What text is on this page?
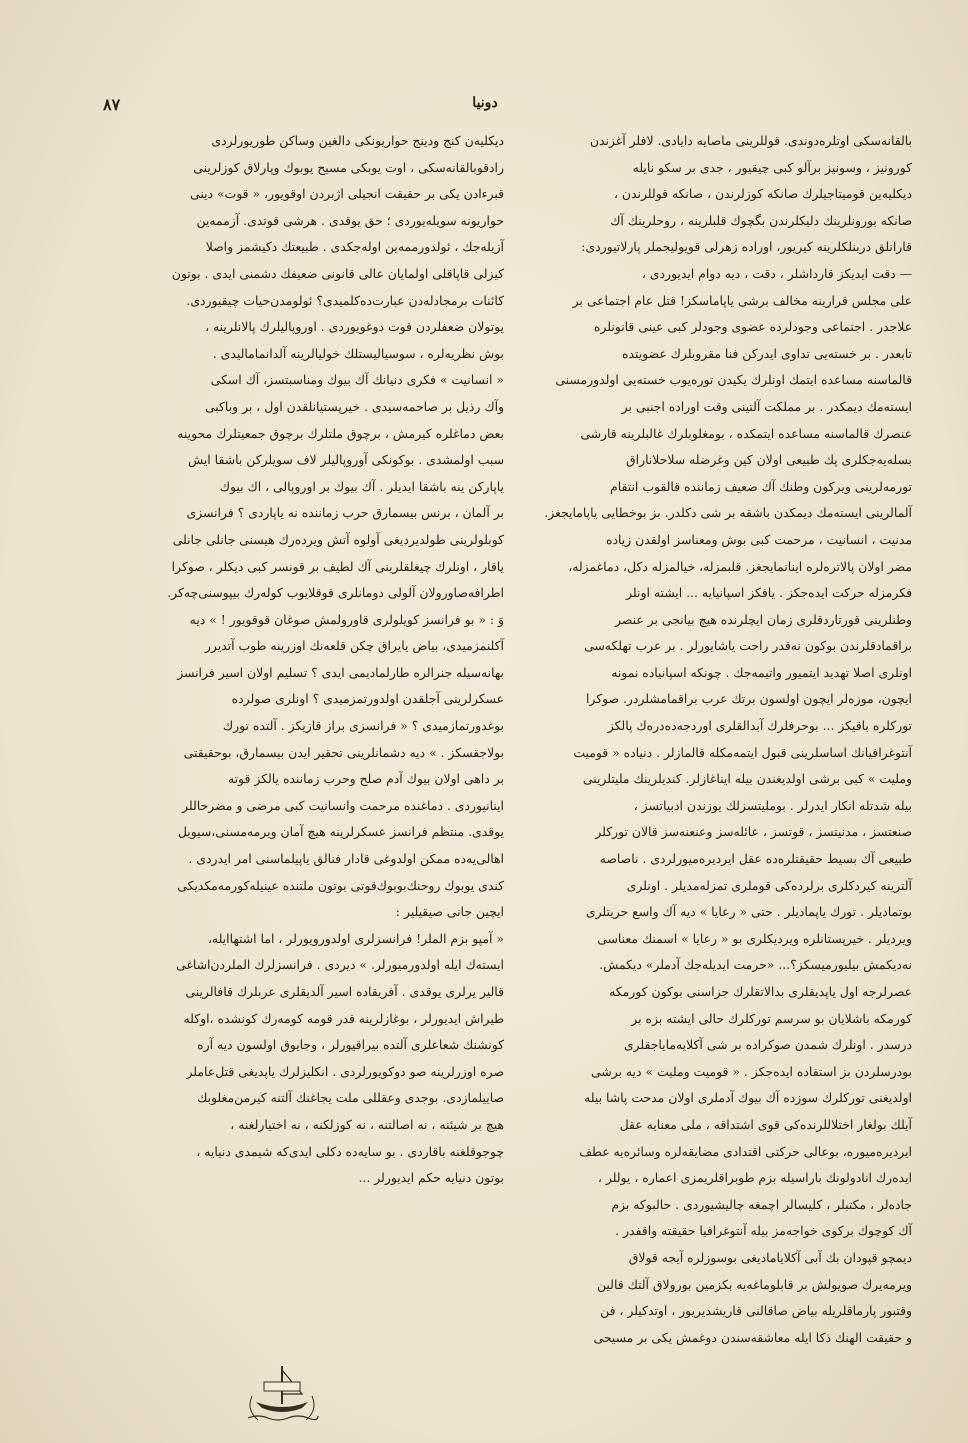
۸۷	دونیا

بالقانه‌سکی اوتلره‌دوندی. قوللرینی ماصایه دایادی. لافلر آغزندن

کورونیز ، وسونیز برآلو کبی چیقیور ، جدی بر سکو نایله

دیکلیه‌ین قومیتاجیلرك صانکه کوزلرندن ، صانکه قوللرندن ،

صانکه بورونلرینك دلیکلرندن بگچوك قلبلرینه ، روحلرینك آك

قارانلق دربنلکلرینه کیریور، اوراده زهرلی قویولیجملر پارلاتیوردی:

— دقت ایدیکز قارداشلر ، دقت ، دیه دوام ایدیوردی ،

علی مجلس قرارینه مخالف برشی یاپاماسکز! قتل عام اجتماعی بر

علاجدر . اجتماعی وجودلرده عضوی وجودلر کبی عینی قانونلره

تابعدر . بر خسته‌یی تداوی ایدرکن فنا مقروبلرك عضویتده

قالماسنه مساعده ایتمك اونلرك یکیدن توره‌یوب خسته‌یی اولدورمسنی

ایسته‌مك دیمکدر . بر مملکت آلتینی وقت اوراده اجنبی بر

عنصرك قالماسنه مساعده ایتمکده ، بومغلوبلرك غالبلرینه قارشی

بسله‌یه‌جکلری پك طبیعی اولان کین وغرضله سلاحلاناراق

تورمه‌لرینی ویرکون وطنك آك ضعیف زماننده قالقوب انتقام

آلمالرینی ایسته‌مك دیمکدن باشقه بر شی دکلدر. بز بوخطایی یاپامایجغز.

مدنیت ، انسانیت ، مرحمت کبی بوش ومعناسز اولقدن زیاده

مضر اولان پالاتره‌لره اینانمایجغز. قلبمزله، خیالمزله دکل، دماغمزله،

فکرمزله حرکت ایده‌جکز . یافکز اسپانیایه ... ایشته اونلر

وطنلرینی قورتاردقلری زمان ایچلرنده هیچ بیانجی بر عنصر

براقمادقلرندن بوکون نه‌قدر راحت یاشایورلر . بر عرب تهلکه‌سی

اونلری اصلا تهدید ایتمیور واتیمه‌جك . چونکه اسپانیاده نمونه

ایچون، موزه‌لر ایچون اولسون برتك عرب براقمامشلردر. صوکرا

تورکلره باقیکز ... بوحرفلرك آبدالقلری اوردجه‌ده‌دره‌ك پالکز

آنتوغرافیانك اساسلرینی قبول ایتمه‌مکله قالمازلر . دنیاده « قومیت

وملیت » کبی برشی اولدیغندن بیله ایناغازلر. کندیلرینك ملیتلرینی

بیله شدتله انکار ایدرلر . بوملیتسزلك یوزندن ادبیاتسز ،

صنعتسز ، مدنیتسز ، قوتسز ، عائله‌سز وعنعنه‌سز قالان تورکلر

طبیعی آك بسیط حقیقتلره‌ده عقل ایردیره‌میورلردی . ناصاصه

آلترینه کیردکلری برلرده‌کی قوملری تمزله‌مدیلر . اونلری

بوتمادیلر . تورك یاپمادیلر . حتی « رعایا » دیه آك واسع حریتلری

ویردیلر . خیرپستانلره ویردیکلری بو « رعایا » اسمنك معناسی

نه‌دیکمش بیلیورمیسکز؟... «حرمت ایدیله‌جك آدملر» دیکمش.

عصرلرجه اول یاپدیقلری بدالاتقلرك جزاسنی بوکون کورمکه

کورمکه باشلایان بو سرسم تورکلرك حالی ایشته بزه بر

درسدر . اونلرك شمدن صوکراده بر شی آکلایه‌مایاجقلری

بودرسلردن بز استفاده ایده‌جکز . « قومیت وملیت » دیه برشی

اولدیغنی تورکلرك سوزده آك بیوك آدملری اولان مدحت پاشا بیله

آیلك بولغار اختلاللرنده‌کی قوی اشتداقه ، ملی معنایه عقل

ایردیره‌میوره، بوعالی حرکتی اقتدادی مضایقه‌لره وسائره‌یه عطف

ایده‌رك انادولونك باراسیله بزم طوبراقلریمزی اعماره ، یوللر ،

جاده‌لر ، مکتبلر ، کلیسالر اچمغه چالیشیوردی . حالبوکه بزم

آك کوچوك برکوی خواجه‌مز بیله آنتوغرافیا حقیقته واقفدر .

دیمچو قپودان بك آبی آکلایامادیغی بوسوزلره آیجه قولاق

ویرمه‌یرك صویولش بر قابلوماغه‌یه بکزمین بورولاق آلتك قالین

وقتبور پارماقلریله بیاض صاقالنی قاریشدیریور ، اوتدکیلر ، فن

و حقیقت الهنك ذکا ایله معاشقه‌سندن دوغمش یکی بر مسیحی

دیکلیه‌ن کنج ودینج حواریونکی دالغین وساکن طوریورلردی

رادقوبالقانه‌سکی ، اوت یوبکی مسیح یوبوك وپارلاق کوزلرینی

قبرءادن یکی بر حقیقت انجیلی اژبردن اوقویور، « قوت» دینی

حواریونه سویله‌یوردی ؛ حق یوقدی . هرشی قوتدی. آزممه‌ین

آزیله‌جك ، ئولدورممه‌ین اوله‌جکدی . طبیعتك دکیشمز واصلا

کیزلی قاپاقلی اولمایان عالی قانونی ضعیفك دشمنی ایدی . بوتون

کائنات برمجادله‌دن عبارت‌ده‌کلمیدی؟ ئولومدن‌حیات چیقیوردی.

یوتولان ضعفلردن قوت دوغویوردی . اوروپالیلرك پالانلرینه ،

بوش نظریه‌لره ، سوسیالیستلك خولیالرینه آلدانمامالیدی .

« انسانیت » فکری دنیانك آك بیوك ومناسبتسز، آك اسکی

وآك رذیل بر صاحمه‌سیدی . خیرپستیانلقدن اول ، بر وباکبی

بعض دماغلره کیرمش ، برچوق ملتلرك برچوق جمعیتلرك محوینه

سبب اولمشدی . بوکونکی آوروپالیلر لاف سویلرکن باشقا ایش

یاپارکن ینه باشقا ایدیلر . آك بیوك بر اوروپالی ، اك بیوك

بر آلمان ، برنس بیسمارق حرب زماننده نه یاپاردی ؟ فرانسزی

کوبلولرینی طولدیردیغی آولوه آتش ویرده‌رك هیسنی جانلی جانلی

یاقار ، اونلرك چیغلقلرینی آك لطیف بر قونسر کبی دیکلر ، صوکرا

اطرافه‌صاورولان آلولی دومانلری قوقلایوب کوله‌رك بیپوسنی‌چه‌کر.

وَ : « بو فرانسز کویلولری قاورولمش صوغان قوقویور ! » دیه

آکلنمزمیدی، بیاض یایراق چکن قلعه‌نك اوزرینه طوب آتدیرر

بهانه‌سیله جنرالره طارلمادیمی ایدی ؟ تسلیم اولان اسیر فرانسز

عسکرلرینی آجلقدن اولدورتمزمیدی ؟ اونلری صولرده

بوغدورتمازمیدی ؟ « فرانسزی براز قازیکز . آلتده تورك

بولاجقسکز . » دیه دشمانلرینی تحقیر ایدن بیسمارق، بوحقیقتی

بر داهی اولان بیوك آدم صلح وحرب زماننده یالکز قوته

اینانیوردی . دماغنده مرحمت وانسانیت کبی مرضی و مضرحاللر

یوقدی. منتظم فرانسز عسکرلرینه هیچ آمان ویرمه‌مسنی،سیویل

اهالی‌یه‌ده ممکن اولدوغی قادار فنالق یاپیلماسنی امر ایدردی .

کندی یوبوك روحنك‌بوبوك‌قوتی بوتون ملتنده عینیله‌کورمه‌مکدیکی

ایچین جانی صیقیلیر :

« آمپو بزم الملر! فرانسزلری اولدورویورلر ، اما اشتها‌ایله،

ایسته‌ك ایله اولدورمیورلر. » دیردی . فرانسزلرك الملردن‌اشاغی

قالیر یرلری یوقدی . آفریقاده اسیر آلدیقلری عربلرك قافالرینی

طیراش ایدیورلر ، بوغازلرینه قدر قومه کومه‌رك کونشده ،اوکله

کونشنك شعاعلری آلتده بیراقیورلر ، وجایوق اولسون دیه آره

صره اوزرلرینه صو دوکویورلردی . انکلیزلرك یاپدیغی قتل‌عاملر

صاییلمازدی. بوجدی وعقللی ملت یجاغنك آلتنه کیرمن‌مغلوبك

هیچ بر شیئنه ، نه اصالتنه ، نه کوزلکنه ، نه اختیارلغنه ،

چوجوقلغنه باقاردی . بو سایه‌ده دکلی ایدی‌که شیمدی دنیایه ،

بوتون دنیایه حکم ایدیورلر ...
